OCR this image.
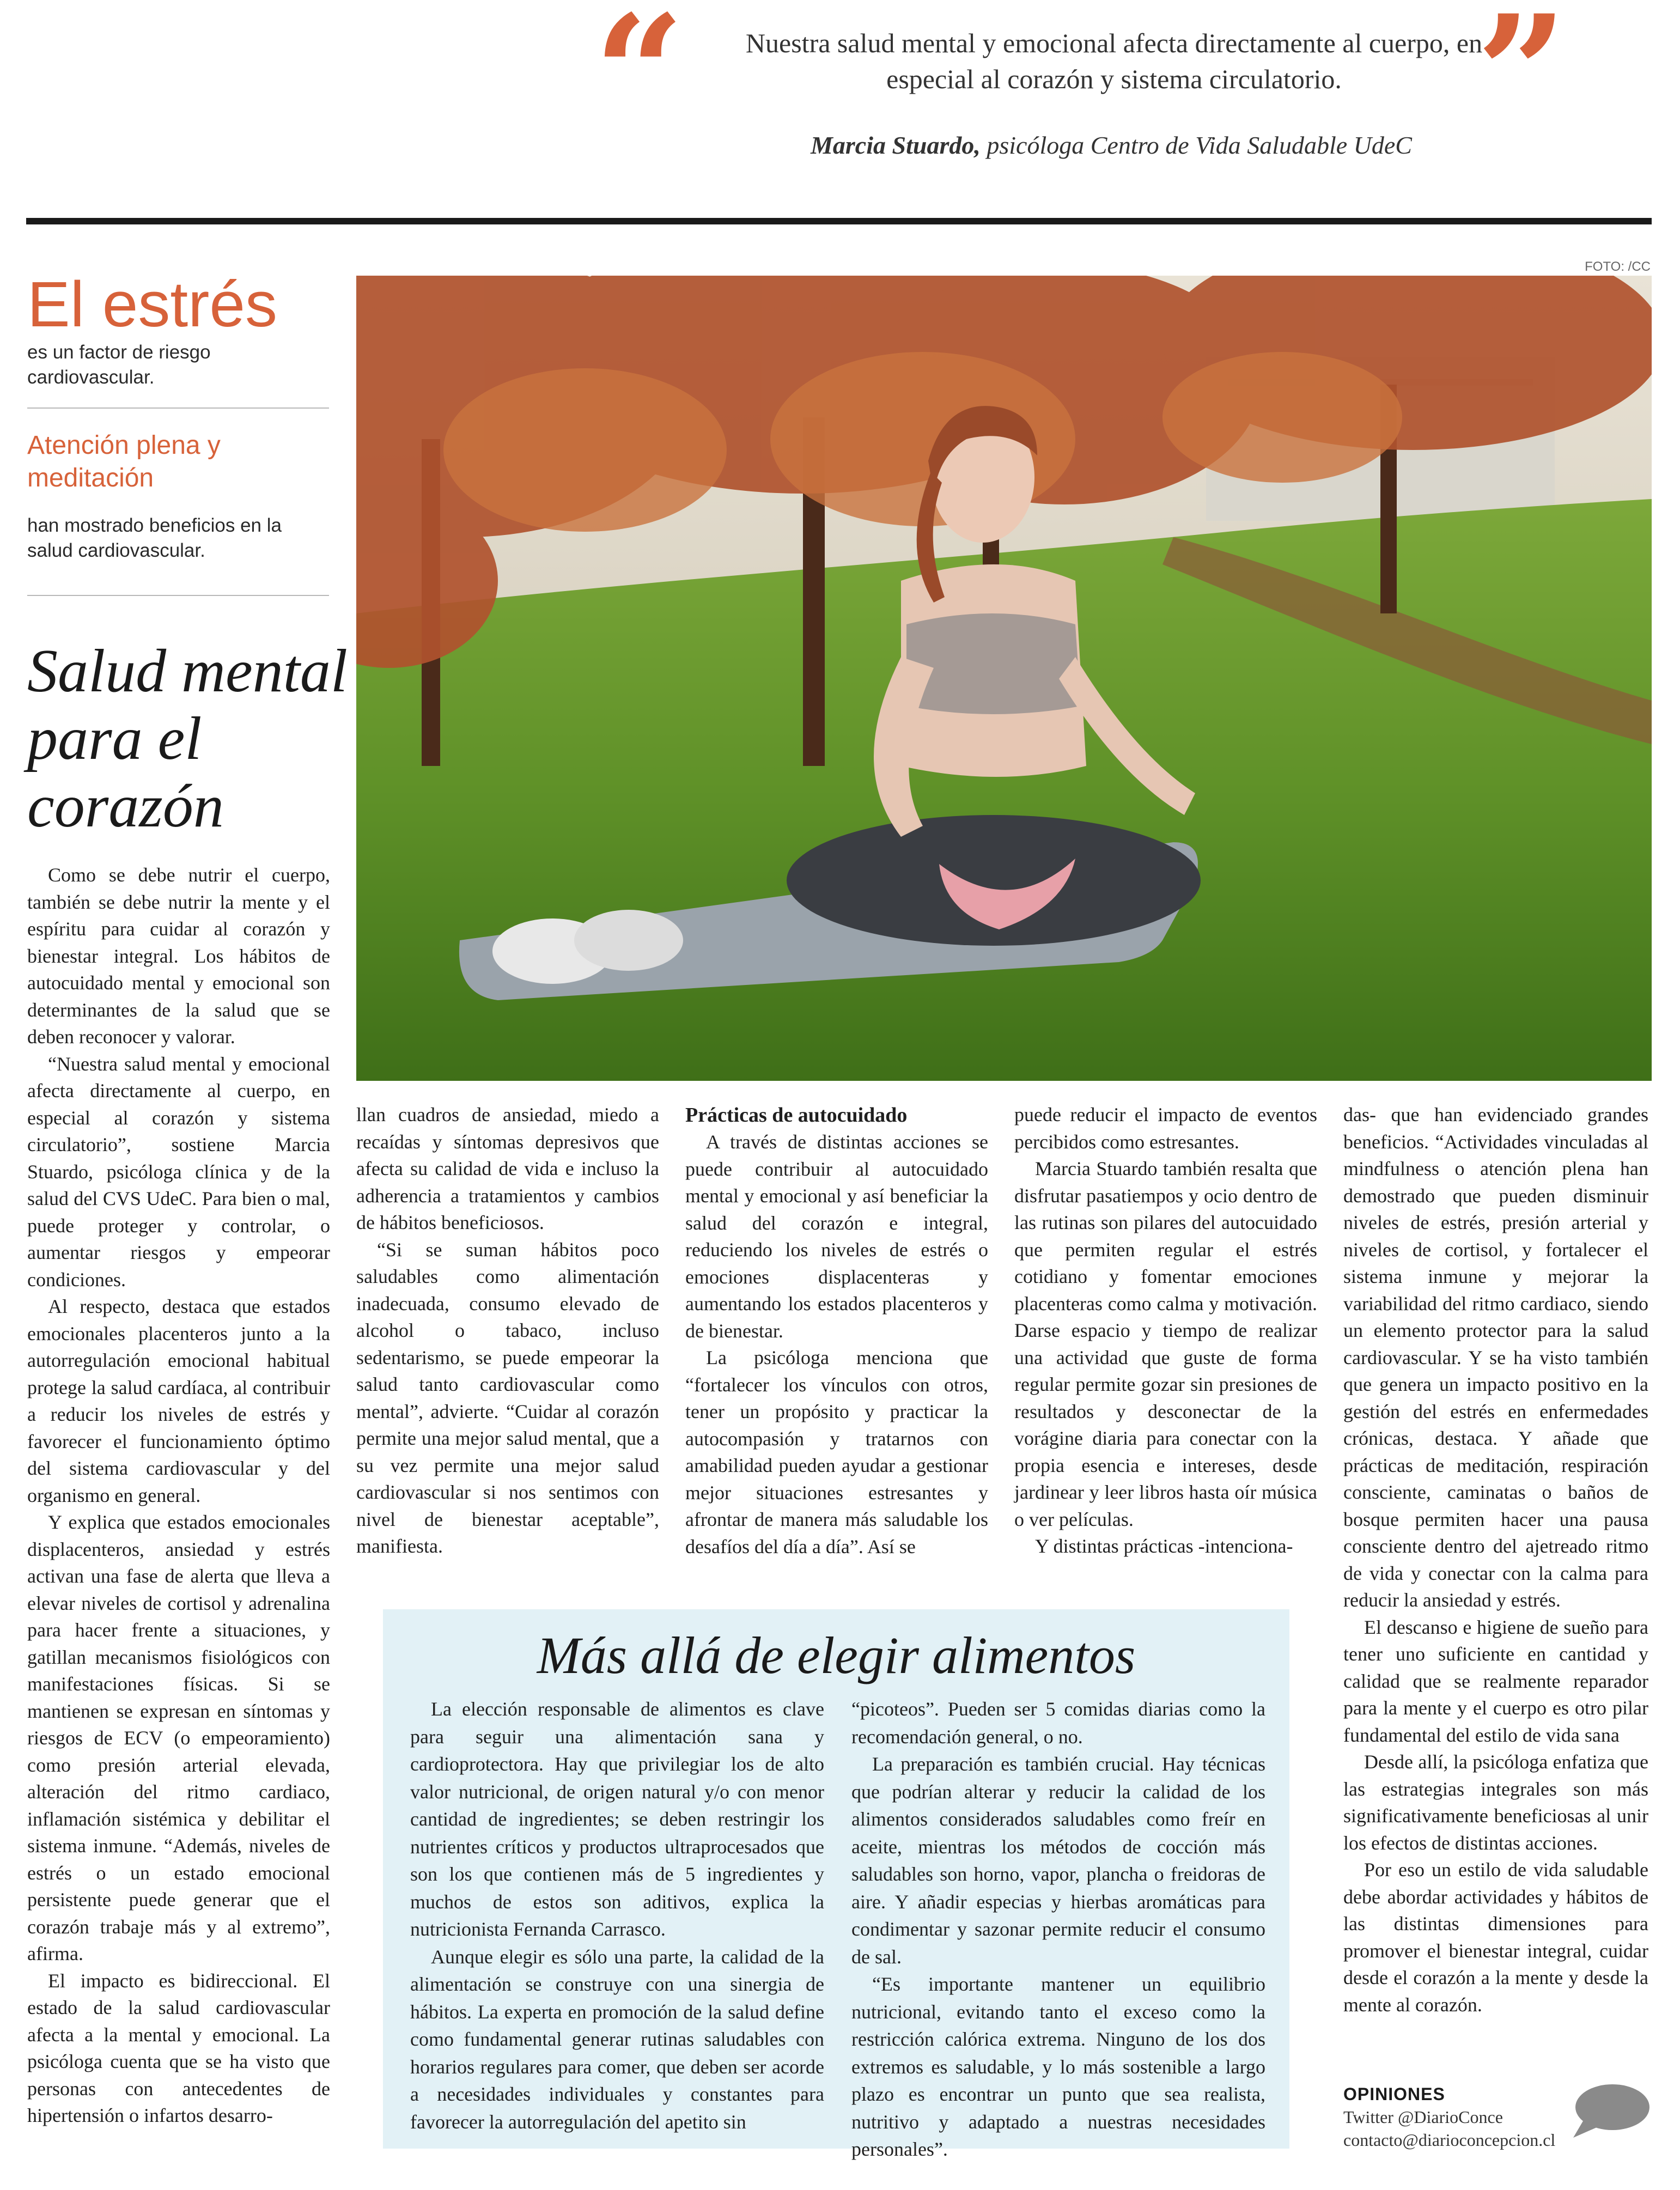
“	”
Nuestra salud mental y emocional afecta directamente al cuerpo, en especial al corazón y sistema circulatorio.
Marcia Stuardo, psicóloga Centro de Vida Saludable UdeC
FOTO: /CC
El estrés
es un factor de riesgo cardiovascular.
Atención plena y meditación
han mostrado beneficios en la salud cardiovascular.
Salud mental para el corazón

Como se debe nutrir el cuerpo, también se debe nutrir la mente y el espíritu para cuidar al corazón y bienestar integral. Los hábitos de autocuidado mental y emocional son determinantes de la salud que se deben reconocer y valorar.

“Nuestra salud mental y emocional afecta directamente al cuerpo, en especial al corazón y sistema circulatorio”, sostiene Marcia Stuardo, psicóloga clínica y de la salud del CVS UdeC. Para bien o mal, puede proteger y controlar, o aumentar riesgos y empeorar condiciones.

Al respecto, destaca que estados emocionales placenteros junto a la autorregulación emocional habitual protege la salud cardíaca, al contribuir a reducir los niveles de estrés y favorecer el funcionamiento óptimo del sistema cardiovascular y del organismo en general.

Y explica que estados emocionales displacenteros, ansiedad y estrés activan una fase de alerta que lleva a elevar niveles de cortisol y adrenalina para hacer frente a situaciones, y gatillan mecanismos fisiológicos con manifestaciones físicas. Si se mantienen se expresan en síntomas y riesgos de ECV (o empeoramiento) como presión arterial elevada, alteración del ritmo cardiaco, inflamación sistémica y debilitar el sistema inmune. “Además, niveles de estrés o un estado emocional persistente puede generar que el corazón trabaje más y al extremo”, afirma.

El impacto es bidireccional. El estado de la salud cardiovascular afecta a la mental y emocional. La psicóloga cuenta que se ha visto que personas con antecedentes de hipertensión o infartos desarro-

llan cuadros de ansiedad, miedo a recaídas y síntomas depresivos que afecta su calidad de vida e incluso la adherencia a tratamientos y cambios de hábitos beneficiosos.

“Si se suman hábitos poco saludables como alimentación inadecuada, consumo elevado de alcohol o tabaco, incluso sedentarismo, se puede empeorar la salud tanto cardiovascular como mental”, advierte. “Cuidar al corazón permite una mejor salud mental, que a su vez permite una mejor salud cardiovascular si nos sentimos con nivel de bienestar aceptable”, manifiesta.

Prácticas de autocuidado

A través de distintas acciones se puede contribuir al autocuidado mental y emocional y así beneficiar la salud del corazón e integral, reduciendo los niveles de estrés o emociones displacenteras y aumentando los estados placenteros y de bienestar.

La psicóloga menciona que “fortalecer los vínculos con otros, tener un propósito y practicar la autocompasión y tratarnos con amabilidad pueden ayudar a gestionar mejor situaciones estresantes y afrontar de manera más saludable los desafíos del día a día”. Así se

puede reducir el impacto de eventos percibidos como estresantes.

Marcia Stuardo también resalta que disfrutar pasatiempos y ocio dentro de las rutinas son pilares del autocuidado que permiten regular el estrés cotidiano y fomentar emociones placenteras como calma y motivación. Darse espacio y tiempo de realizar una actividad que guste de forma regular permite gozar sin presiones de resultados y desconectar de la vorágine diaria para conectar con la propia esencia e intereses, desde jardinear y leer libros hasta oír música o ver películas.

Y distintas prácticas -intenciona-

das- que han evidenciado grandes beneficios. “Actividades vinculadas al mindfulness o atención plena han demostrado que pueden disminuir niveles de estrés, presión arterial y niveles de cortisol, y fortalecer el sistema inmune y mejorar la variabilidad del ritmo cardiaco, siendo un elemento protector para la salud cardiovascular. Y se ha visto también que genera un impacto positivo en la gestión del estrés en enfermedades crónicas, destaca. Y añade que prácticas de meditación, respiración consciente, caminatas o baños de bosque permiten hacer una pausa consciente dentro del ajetreado ritmo de vida y conectar con la calma para reducir la ansiedad y estrés.

El descanso e higiene de sueño para tener uno suficiente en cantidad y calidad que se realmente reparador para la mente y el cuerpo es otro pilar fundamental del estilo de vida sana

Desde allí, la psicóloga enfatiza que las estrategias integrales son más significativamente beneficiosas al unir los efectos de distintas acciones.

Por eso un estilo de vida saludable debe abordar actividades y hábitos de las distintas dimensiones para promover el bienestar integral, cuidar desde el corazón a la mente y desde la mente al corazón.

La elección responsable de alimentos es clave para seguir una alimentación sana y cardioprotectora. Hay que privilegiar los de alto valor nutricional, de origen natural y/o con menor cantidad de ingredientes; se deben restringir los nutrientes críticos y productos ultraprocesados que son los que contienen más de 5 ingredientes y muchos de estos son aditivos, explica la nutricionista Fernanda Carrasco.

Aunque elegir es sólo una parte, la calidad de la alimentación se construye con una sinergia de hábitos. La experta en promoción de la salud define como fundamental generar rutinas saludables con horarios regulares para comer, que deben ser acorde a necesidades individuales y constantes para favorecer la autorregulación del apetito sin

“picoteos”. Pueden ser 5 comidas diarias como la recomendación general, o no.

La preparación es también crucial. Hay técnicas que podrían alterar y reducir la calidad de los alimentos considerados saludables como freír en aceite, mientras los métodos de cocción más saludables son horno, vapor, plancha o freidoras de aire. Y añadir especias y hierbas aromáticas para condimentar y sazonar permite reducir el consumo de sal.

“Es importante mantener un equilibrio nutricional, evitando tanto el exceso como la restricción calórica extrema. Ninguno de los dos extremos es saludable, y lo más sostenible a largo plazo es encontrar un punto que sea realista, nutritivo y adaptado a nuestras necesidades personales”.

Más allá de elegir alimentos
OPINIONES
Twitter @DiarioConce
contacto@diarioconcepcion.cl
